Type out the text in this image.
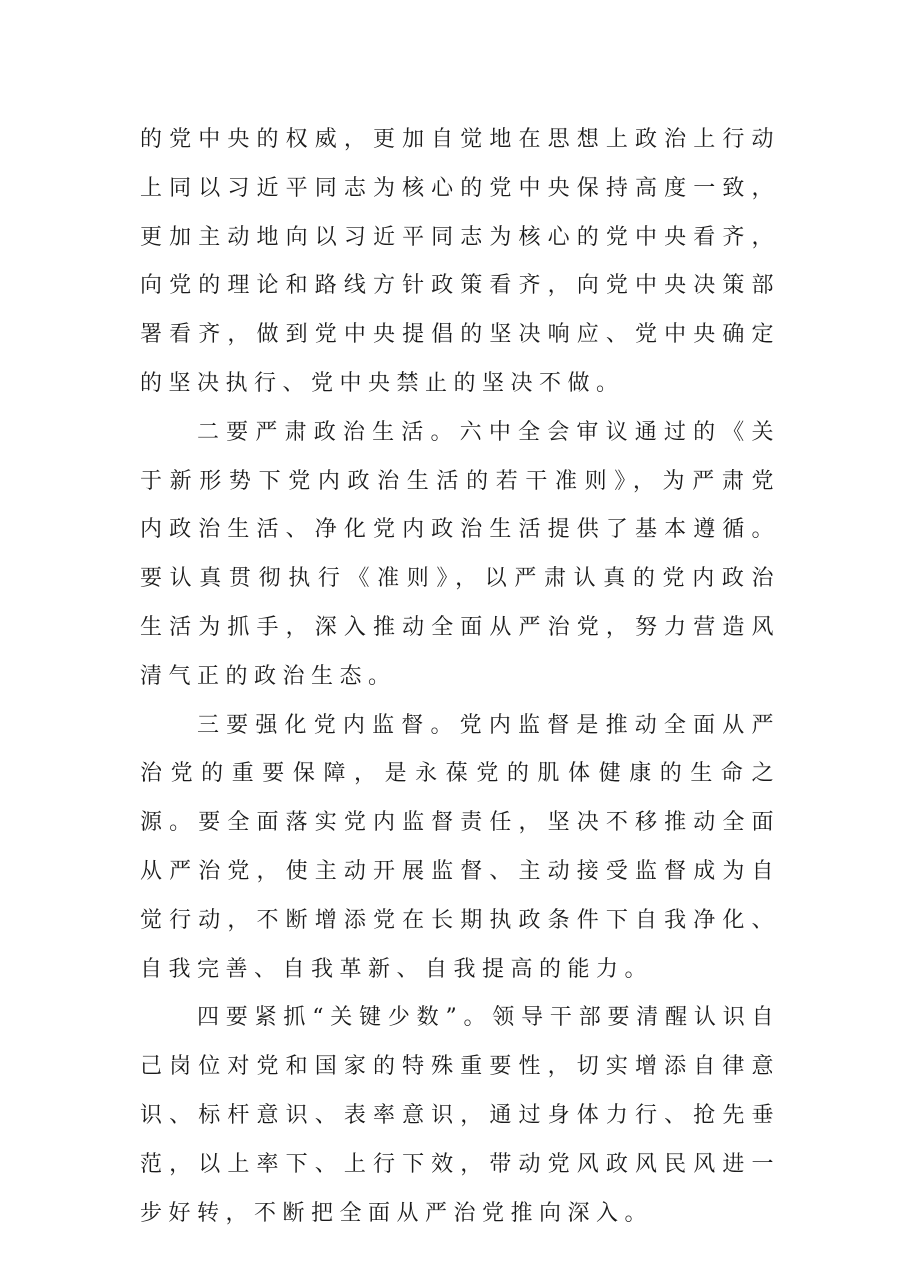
的党中央的权威，更加自觉地在思想上政治上行动上同以习近平同志为核心的党中央保持高度一致，更加主动地向以习近平同志为核心的党中央看齐，向党的理论和路线方针政策看齐，向党中央决策部署看齐，做到党中央提倡的坚决响应、党中央确定的坚决执行、党中央禁止的坚决不做。

二要严肃政治生活。六中全会审议通过的《关于新形势下党内政治生活的若干准则》，为严肃党内政治生活、净化党内政治生活提供了基本遵循。要认真贯彻执行《准则》，以严肃认真的党内政治生活为抓手，深入推动全面从严治党，努力营造风清气正的政治生态。

三要强化党内监督。党内监督是推动全面从严治党的重要保障，是永葆党的肌体健康的生命之源。要全面落实党内监督责任，坚决不移推动全面从严治党，使主动开展监督、主动接受监督成为自觉行动，不断增添党在长期执政条件下自我净化、自我完善、自我革新、自我提高的能力。

四要紧抓“关键少数”。领导干部要清醒认识自己岗位对党和国家的特殊重要性，切实增添自律意识、标杆意识、表率意识，通过身体力行、抢先垂范，以上率下、上行下效，带动党风政风民风进一步好转，不断把全面从严治党推向深入。
